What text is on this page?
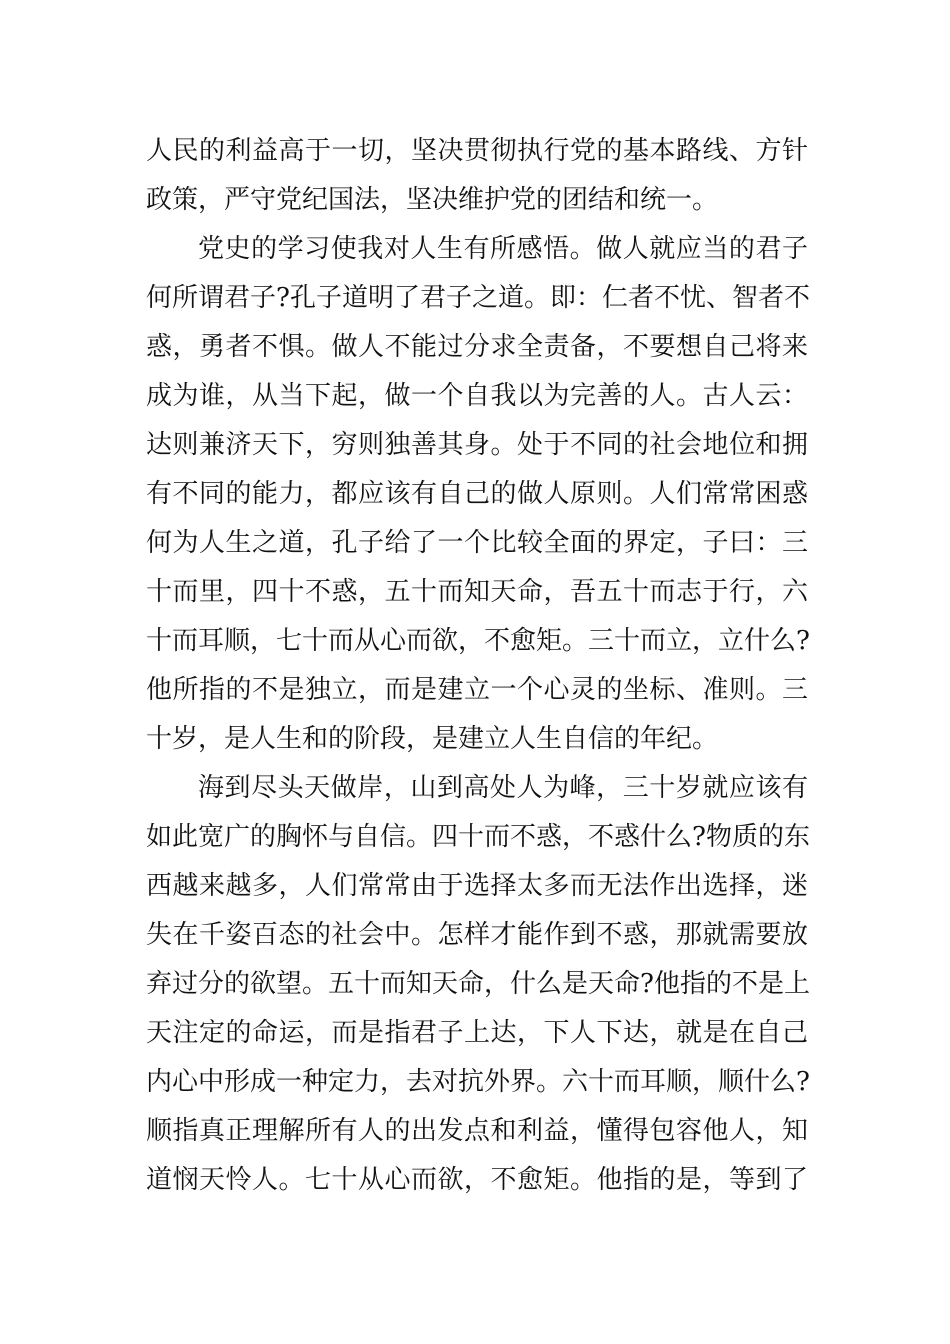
人民的利益高于一切，坚决贯彻执行党的基本路线、方针
政策，严守党纪国法，坚决维护党的团结和统一。
党史的学习使我对人生有所感悟。做人就应当的君子
何所谓君子?孔子道明了君子之道。即：仁者不忧、智者不
惑，勇者不惧。做人不能过分求全责备，不要想自己将来
成为谁，从当下起，做一个自我以为完善的人。古人云：
达则兼济天下，穷则独善其身。处于不同的社会地位和拥
有不同的能力，都应该有自己的做人原则。人们常常困惑
何为人生之道，孔子给了一个比较全面的界定，子曰：三
十而里，四十不惑，五十而知天命，吾五十而志于行，六
十而耳顺，七十而从心而欲，不愈矩。三十而立，立什么?
他所指的不是独立，而是建立一个心灵的坐标、准则。三
十岁，是人生和的阶段，是建立人生自信的年纪。
海到尽头天做岸，山到高处人为峰，三十岁就应该有
如此宽广的胸怀与自信。四十而不惑，不惑什么?物质的东
西越来越多，人们常常由于选择太多而无法作出选择，迷
失在千姿百态的社会中。怎样才能作到不惑，那就需要放
弃过分的欲望。五十而知天命，什么是天命?他指的不是上
天注定的命运，而是指君子上达，下人下达，就是在自己
内心中形成一种定力，去对抗外界。六十而耳顺，顺什么?
顺指真正理解所有人的出发点和利益，懂得包容他人，知
道悯天怜人。七十从心而欲，不愈矩。他指的是，等到了
